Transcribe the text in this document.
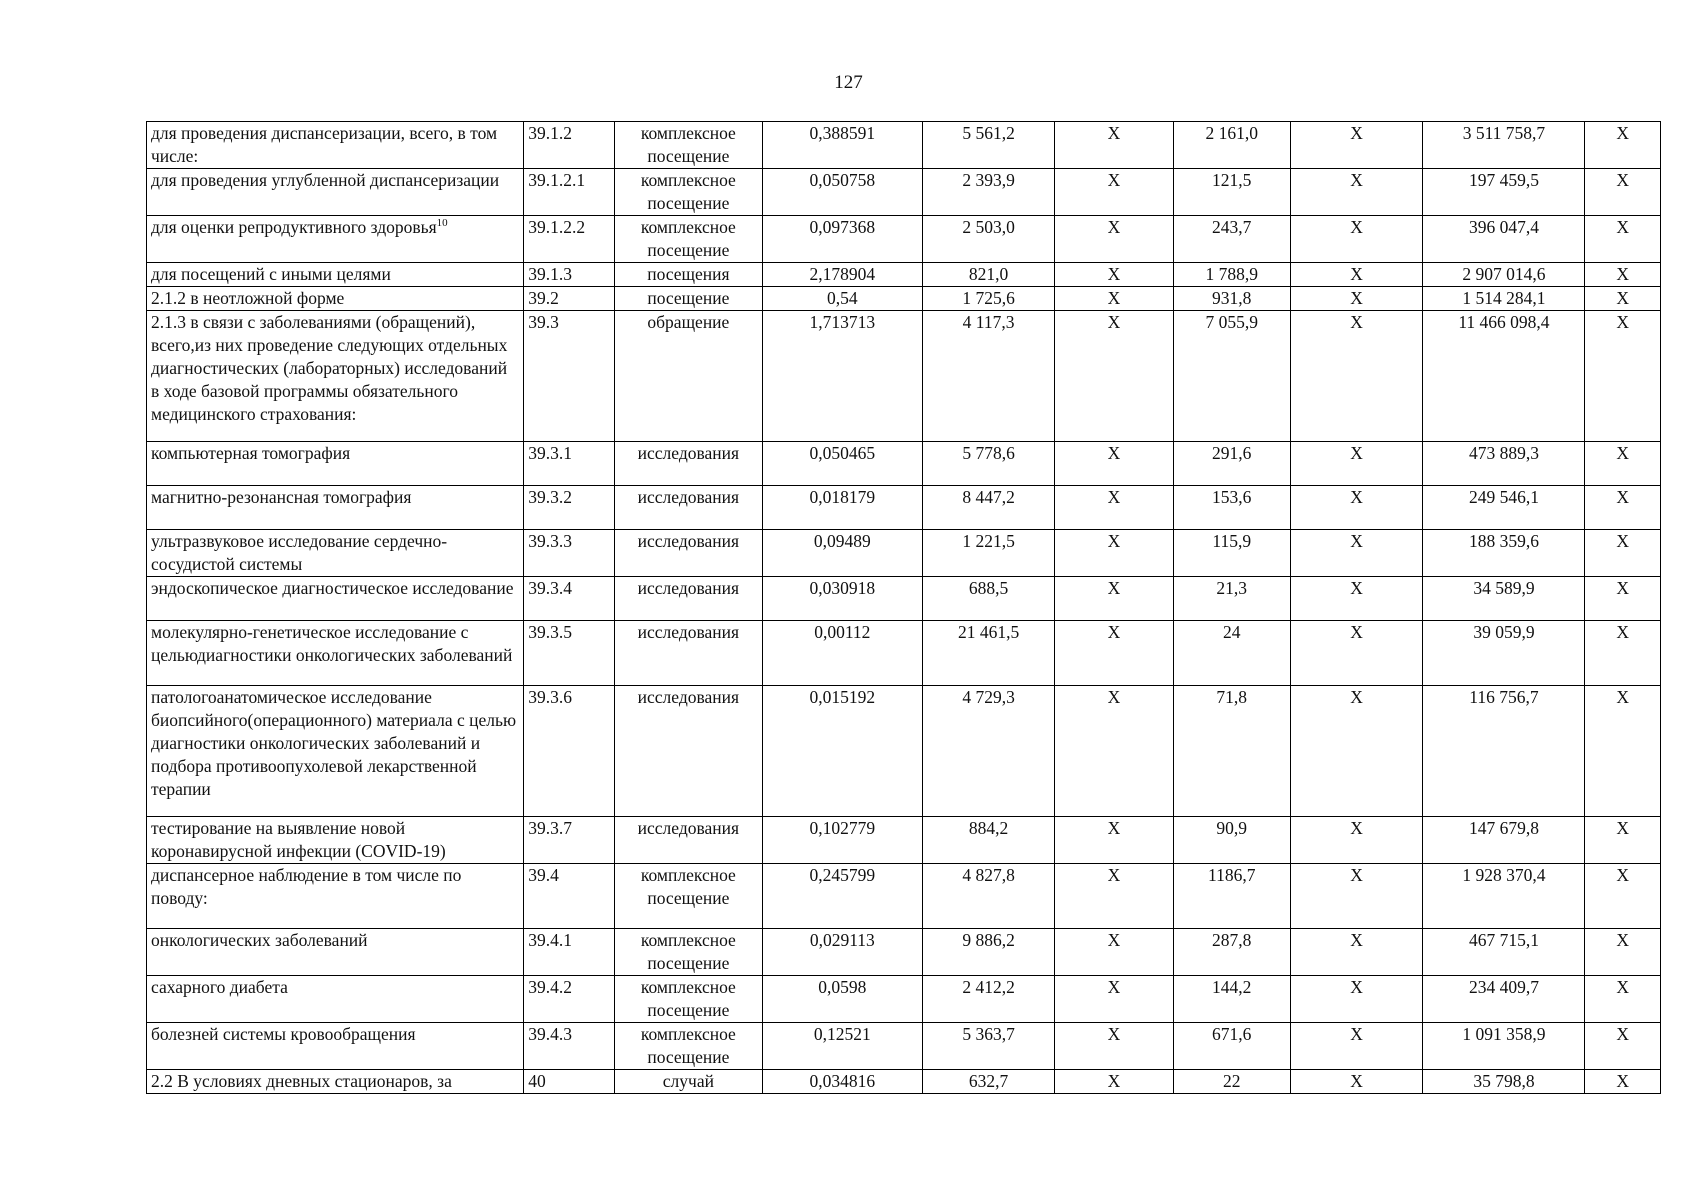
127
для проведения диспансеризации, всего, в том числе:	39.1.2	комплексное посещение	0,388591	5 561,2	X	2 161,0	X	3 511 758,7	X
для проведения углубленной диспансеризации	39.1.2.1	комплексное посещение	0,050758	2 393,9	X	121,5	X	197 459,5	X
для оценки репродуктивного здоровья$^{10}$	39.1.2.2	комплексное посещение	0,097368	2 503,0	X	243,7	X	396 047,4	X
для посещений с иными целями	39.1.3	посещения	2,178904	821,0	X	1 788,9	X	2 907 014,6	X
2.1.2 в неотложной форме	39.2	посещение	0,54	1 725,6	X	931,8	X	1 514 284,1	X
2.1.3 в связи с заболеваниями (обращений), всего,из них проведение следующих отдельных диагностических (лабораторных) исследований в ходе базовой программы обязательного медицинского страхования:	39.3	обращение	1,713713	4 117,3	X	7 055,9	X	11 466 098,4	X
компьютерная томография	39.3.1	исследования	0,050465	5 778,6	X	291,6	X	473 889,3	X
магнитно-резонансная томография	39.3.2	исследования	0,018179	8 447,2	X	153,6	X	249 546,1	X
ультразвуковое исследование сердечно-сосудистой системы	39.3.3	исследования	0,09489	1 221,5	X	115,9	X	188 359,6	X
эндоскопическое диагностическое исследование	39.3.4	исследования	0,030918	688,5	X	21,3	X	34 589,9	X
молекулярно-генетическое исследование с цельюдиагностики онкологических заболеваний	39.3.5	исследования	0,00112	21 461,5	X	24	X	39 059,9	X
патологоанатомическое исследование биопсийного(операционного) материала с целью диагностики онкологических заболеваний и подбора противоопухолевой лекарственной терапии	39.3.6	исследования	0,015192	4 729,3	X	71,8	X	116 756,7	X
тестирование на выявление новой коронавирусной инфекции (COVID-19)	39.3.7	исследования	0,102779	884,2	X	90,9	X	147 679,8	X
диспансерное наблюдение в том числе по поводу:	39.4	комплексное посещение	0,245799	4 827,8	X	1186,7	X	1 928 370,4	X
онкологических заболеваний	39.4.1	комплексное посещение	0,029113	9 886,2	X	287,8	X	467 715,1	X
сахарного диабета	39.4.2	комплексное посещение	0,0598	2 412,2	X	144,2	X	234 409,7	X
болезней системы кровообращения	39.4.3	комплексное посещение	0,12521	5 363,7	X	671,6	X	1 091 358,9	X
2.2 В условиях дневных стационаров, за	40	случай	0,034816	632,7	X	22	X	35 798,8	X
